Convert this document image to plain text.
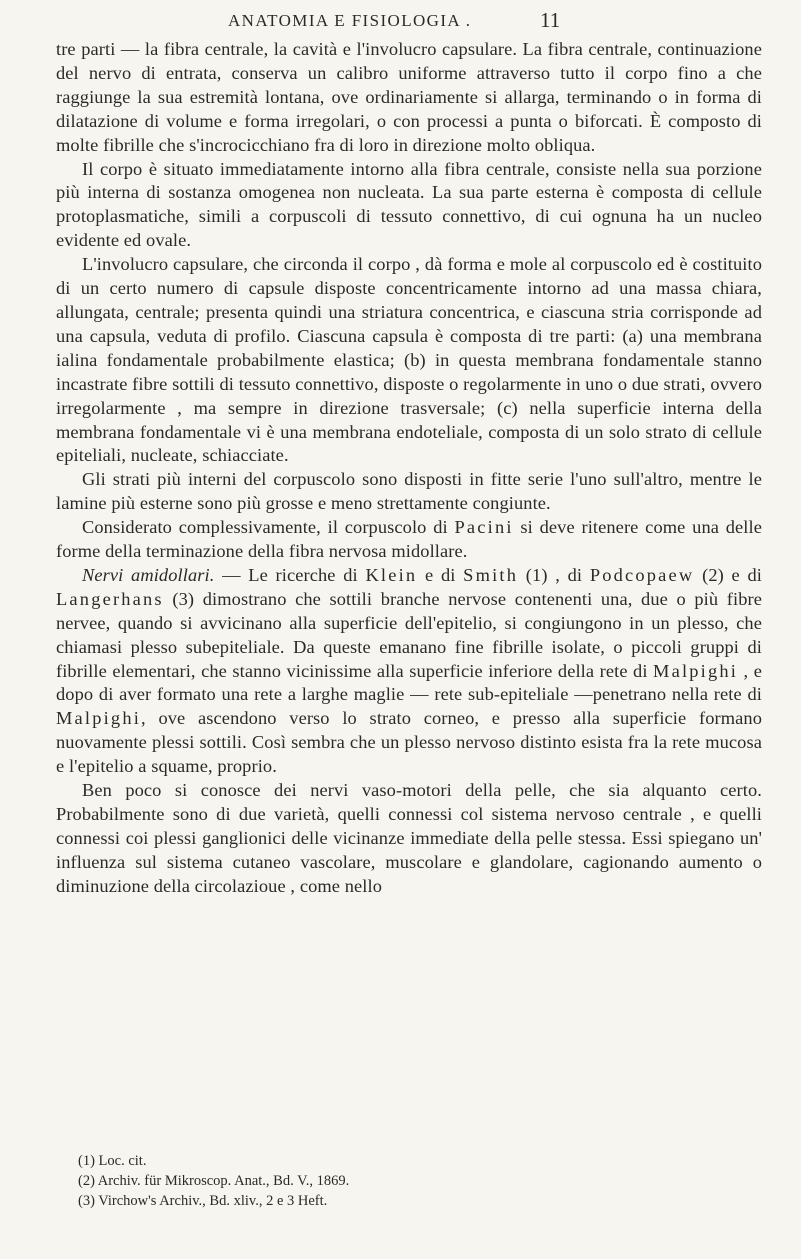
ANATOMIA E FISIOLOGIA .	11

tre parti — la fibra centrale, la cavità e l'involucro capsulare. La fibra centrale, continuazione del nervo di entrata, conserva un calibro uniforme attraverso tutto il corpo fino a che raggiunge la sua estremità lontana, ove ordinariamente si allarga, terminando o in forma di dilatazione di volume e forma irregolari, o con processi a punta o biforcati. È composto di molte fibrille che s'incrocicchiano fra di loro in direzione molto obliqua.

Il corpo è situato immediatamente intorno alla fibra centrale, consiste nella sua porzione più interna di sostanza omogenea non nucleata. La sua parte esterna è composta di cellule protoplasmatiche, simili a corpuscoli di tessuto connettivo, di cui ognuna ha un nucleo evidente ed ovale.

L'involucro capsulare, che circonda il corpo , dà forma e mole al corpuscolo ed è costituito di un certo numero di capsule disposte concentricamente intorno ad una massa chiara, allungata, centrale; presenta quindi una striatura concentrica, e ciascuna stria corrisponde ad una capsula, veduta di profilo. Ciascuna capsula è composta di tre parti: (a) una membrana ialina fondamentale probabilmente elastica; (b) in questa membrana fondamentale stanno incastrate fibre sottili di tessuto connettivo, disposte o regolarmente in uno o due strati, ovvero irregolarmente , ma sempre in direzione trasversale; (c) nella superficie interna della membrana fondamentale vi è una membrana endoteliale, composta di un solo strato di cellule epiteliali, nucleate, schiacciate.

Gli strati più interni del corpuscolo sono disposti in fitte serie l'uno sull'altro, mentre le lamine più esterne sono più grosse e meno strettamente congiunte.

Considerato complessivamente, il corpuscolo di Pacini si deve ritenere come una delle forme della terminazione della fibra nervosa midollare.

Nervi amidollari. — Le ricerche di Klein e di Smith (1) , di Podcopaew (2) e di Langerhans (3) dimostrano che sottili branche nervose contenenti una, due o più fibre nervee, quando si avvicinano alla superficie dell'epitelio, si congiungono in un plesso, che chiamasi plesso subepiteliale. Da queste emanano fine fibrille isolate, o piccoli gruppi di fibrille elementari, che stanno vicinissime alla superficie inferiore della rete di Malpighi , e dopo di aver formato una rete a larghe maglie — rete sub-epiteliale —penetrano nella rete di Malpighi, ove ascendono verso lo strato corneo, e presso alla superficie formano nuovamente plessi sottili. Così sembra che un plesso nervoso distinto esista fra la rete mucosa e l'epitelio a squame, proprio.

Ben poco si conosce dei nervi vaso-motori della pelle, che sia alquanto certo. Probabilmente sono di due varietà, quelli connessi col sistema nervoso centrale , e quelli connessi coi plessi ganglionici delle vicinanze immediate della pelle stessa. Essi spiegano un' influenza sul sistema cutaneo vascolare, muscolare e glandolare, cagionando aumento o diminuzione della circolazioue , come nello

(1) Loc. cit.
(2) Archiv. für Mikroscop. Anat., Bd. V., 1869.
(3) Virchow's Archiv., Bd. xliv., 2 e 3 Heft.
